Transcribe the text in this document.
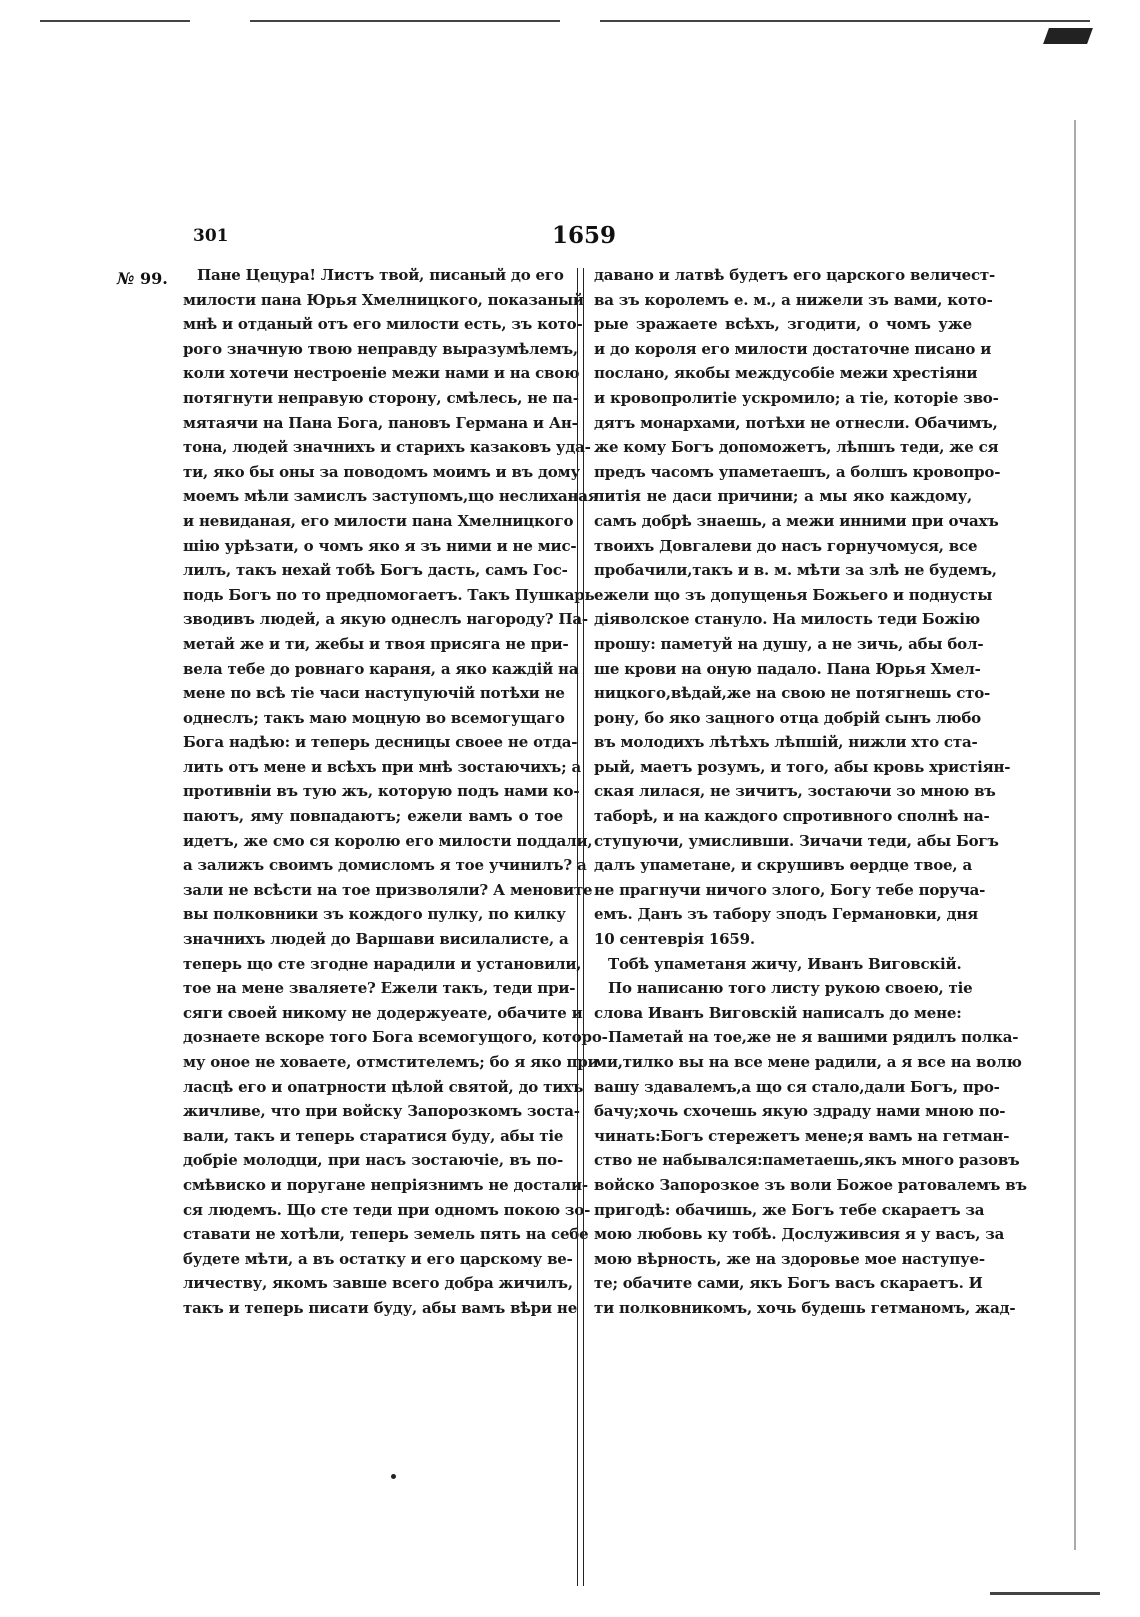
301	1659
№ 99.	Пане Цецура! Листъ твой, писаный до его
милости пана Юрья Хмелницкого, показаный
мнѣ и отданый отъ его милости есть, зъ кото-
рого значную твою неправду выразумѣлемъ,
коли хотечи нестроеніе межи нами и на свою
потягнути неправую сторону, смѣлесь, не па-
мятаячи на Пана Бога, пановъ Германа и Ан-
тона, людей значнихъ и старихъ казаковъ уда-
ти, яко бы оны за поводомъ моимъ и въ дому
моемъ мѣли замислъ заступомъ,що неслиханая
и невиданая, его милости пана Хмелницкого
шію урѣзати, о чомъ яко я зъ ними и не мис-
лилъ, такъ нехай тобѣ Богъ дасть, самъ Гос-
подь Богъ по то предпомогаетъ. Такъ Пушкарь
зводивъ людей, а якую однеслъ нагороду? Па-
метай же и ти, жебы и твоя присяга не при-
вела тебе до ровнаго караня, а яко каждій на
мене по всѣ тіе часи наступуючій потѣхи не
однеслъ; такъ маю моцную во всемогущаго
Бога надѣю: и теперь десницы своее не отда-
лить отъ мене и всѣхъ при мнѣ зостаючихъ; а
противніи въ тую жъ, которую подъ нами ко-
паютъ, яму повпадаютъ; ежели вамъ о тое
идетъ, же смо ся королю его милости поддали,
а залижъ своимъ домисломъ я тое учинилъ? а
зали не всѣсти на тое призволяли? А меновите
вы полковники зъ кождого пулку, по килку
значнихъ людей до Варшави висилалисте, а
теперь що сте згодне нарадили и установили,
тое на мене зваляете? Ежели такъ, теди при-
сяги своей никому не додержуеате, обачите и
дознаете вскоре того Бога всемогущого, которо-
му оное не ховаете, отмстителемъ; бо я яко при
ласцѣ его и опатрности цѣлой святой, до тихъ
жичливе, что при войску Запорозкомъ зоста-
вали, такъ и теперь старатися буду, абы тіе
добріе молодци, при насъ зостаючіе, въ по-
смѣвиско и поругане непріязнимъ не достали-
ся людемъ. Що сте теди при одномъ покою зо-
ставати не хотѣли, теперь земель пять на себе
будете мѣти, а въ остатку и его царскому ве-
личеству, якомъ завше всего добра жичилъ,
такъ и теперь писати буду, абы вамъ вѣри не
давано и латвѣ будетъ его царского величест-
ва зъ королемъ е. м., а нижели зъ вами, кото-
рые зражаете всѣхъ, згодити, о чомъ уже
и до короля его милости достаточне писано и
послано, якобы междусобіе межи хрестіяни
и кровопролитіе ускромило; а тіе, которіе зво-
дятъ монархами, потѣхи не отнесли. Обачимъ,
же кому Богъ допоможетъ, лѣпшъ теди, же ся
предъ часомъ упаметаешъ, а болшъ кровопро-
литія не даси причини; а мы яко каждому,
самъ добрѣ знаешь, а межи инними при очахъ
твоихъ Довгалеви до насъ горнучомуся, все
пробачили,такъ и в. м. мѣти за злѣ не будемъ,
ежели що зъ допущенья Божьего и поднусты
діяволское стануло. На милость теди Божію
прошу: паметуй на душу, а не зичь, абы бол-
ше крови на оную падало. Пана Юрья Хмел-
ницкого,вѣдай,же на свою не потягнешь сто-
рону, бо яко зацного отца добрій сынъ любо
въ молодихъ лѣтѣхъ лѣпшій, нижли хто ста-
рый, маетъ розумъ, и того, абы кровь христіян-
ская лилася, не зичитъ, зостаючи зо мною въ
таборѣ, и на каждого спротивного сполнѣ на-
ступуючи, умисливши. Зичачи теди, абы Богъ
далъ упаметане, и скрушивъ ѳердце твое, а
не прагнучи ничого злого, Богу тебе поруча-
емъ. Данъ зъ табору зподъ Германовки, дня
10 сентеврія 1659.
Тобѣ упаметаня жичу, Иванъ Виговскій.
По написаню того листу рукою своею, тіе
слова Иванъ Виговскій написалъ до мене:
Паметай на тое,же не я вашими рядилъ полка-
ми,тилко вы на все мене радили, а я все на волю
вашу здавалемъ,а що ся стало,дали Богъ, про-
бачу;хочь схочешь якую здраду нами мною по-
чинать:Богъ стережетъ мене;я вамъ на гетман-
ство не набывался:паметаешь,якъ много разовъ
войско Запорозкое зъ воли Божое ратовалемъ въ
пригодѣ: обачишь, же Богъ тебе скараетъ за
мою любовь ку тобѣ. Дослуживсия я у васъ, за
мою вѣрность, же на здоровье мое наступуе-
те; обачите сами, якъ Богъ васъ скараетъ. И
ти полковникомъ, хочь будешь гетманомъ, жад-
